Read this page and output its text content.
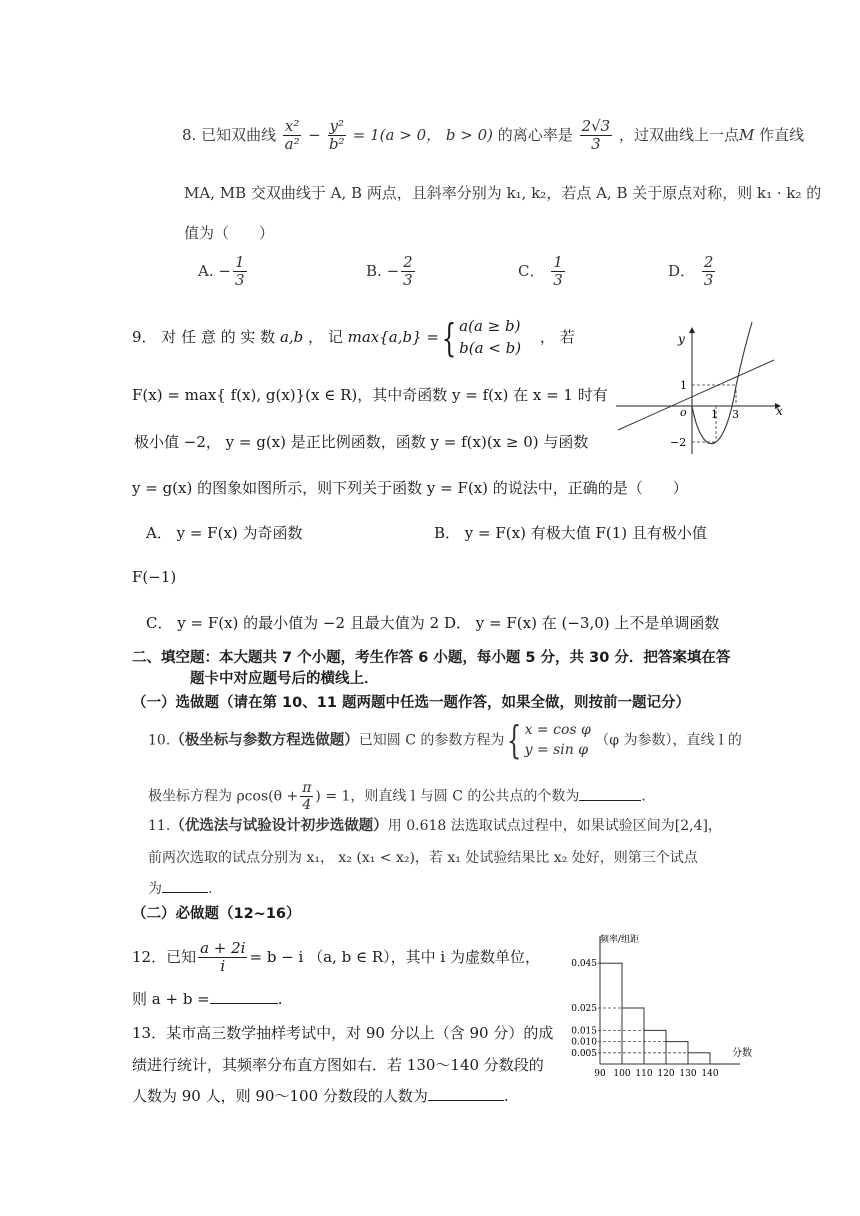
8. 已知双曲线 $\frac{\text{x²}}{\text{a²}} - \frac{\text{y²}}{\text{b²}} = 1(a > 0$， b > 0) 的离心率是 $\frac{2√3}{3}$ ，过双曲线上一点M 作直线
MA, MB 交双曲线于 A, B 两点，且斜率分别为 k₁, k₂，若点 A, B 关于原点对称，则 k₁ · k₂ 的
值为（　　）
A. − $\frac{1}{3}$	B. − $\frac{2}{3}$	C． $\frac{1}{3}$	D． $\frac{2}{3}$
9． 对 任 意 的 实 数 a,b ， 记 max{a,b} ={ a(a ≥ b)
b(a < b)
， 若
F(x) = max{ f(x), g(x)}(x ∈ R)，其中奇函数 y = f(x) 在 x = 1 时有
极小值 −2， y = g(x) 是正比例函数，函数 y = f(x)(x ≥ 0) 与函数
y = g(x) 的图象如图所示，则下列关于函数 y = F(x) 的说法中，正确的是（　　）
y
x
o 1 3
1
−2
A． y = F(x) 为奇函数	B． y = F(x) 有极大值 F(1) 且有极小值
F(−1)
C． y = F(x) 的最小值为 −2 且最大值为 2 D． y = F(x) 在 (−3,0) 上不是单调函数
二、填空题：本大题共 7 个小题，考生作答 6 小题，每小题 5 分，共 30 分．把答案填在答
题卡中对应题号后的横线上．
（一）选做题（请在第 10、11 题两题中任选一题作答，如果全做，则按前一题记分）
10.（极坐标与参数方程选做题）已知圆 C 的参数方程为{ x = cos φ
y = sin φ
（φ 为参数），直线 l 的
极坐标方程为 $\rho\cos(\theta + \frac{\pi}{4}$ ) = 1，则直线 l 与圆 C 的公共点的个数为	.
11.（优选法与试验设计初步选做题）用 0.618 法选取试点过程中，如果试验区间为[2,4]，
前两次选取的试点分别为 x₁， x₂ (x₁ < x₂)，若 x₁ 处试验结果比 x₂ 处好，则第三个试点
为	.
（二）必做题（12~16）
12．已知 $\frac{a + 2i}{i} = b - i$ （a, b ∈ R），其中 i 为虚数单位，
则 a + b =	.
13．某市高三数学抽样考试中，对 90 分以上（含 90 分）的成
绩进行统计，其频率分布直方图如右．若 130～140 分数段的
人数为 90 人，则 90～100 分数段的人数为	.
频率/组距
分数
0.045
0.025
0.015
0.010
0.005
90 100 110 120 130 140
